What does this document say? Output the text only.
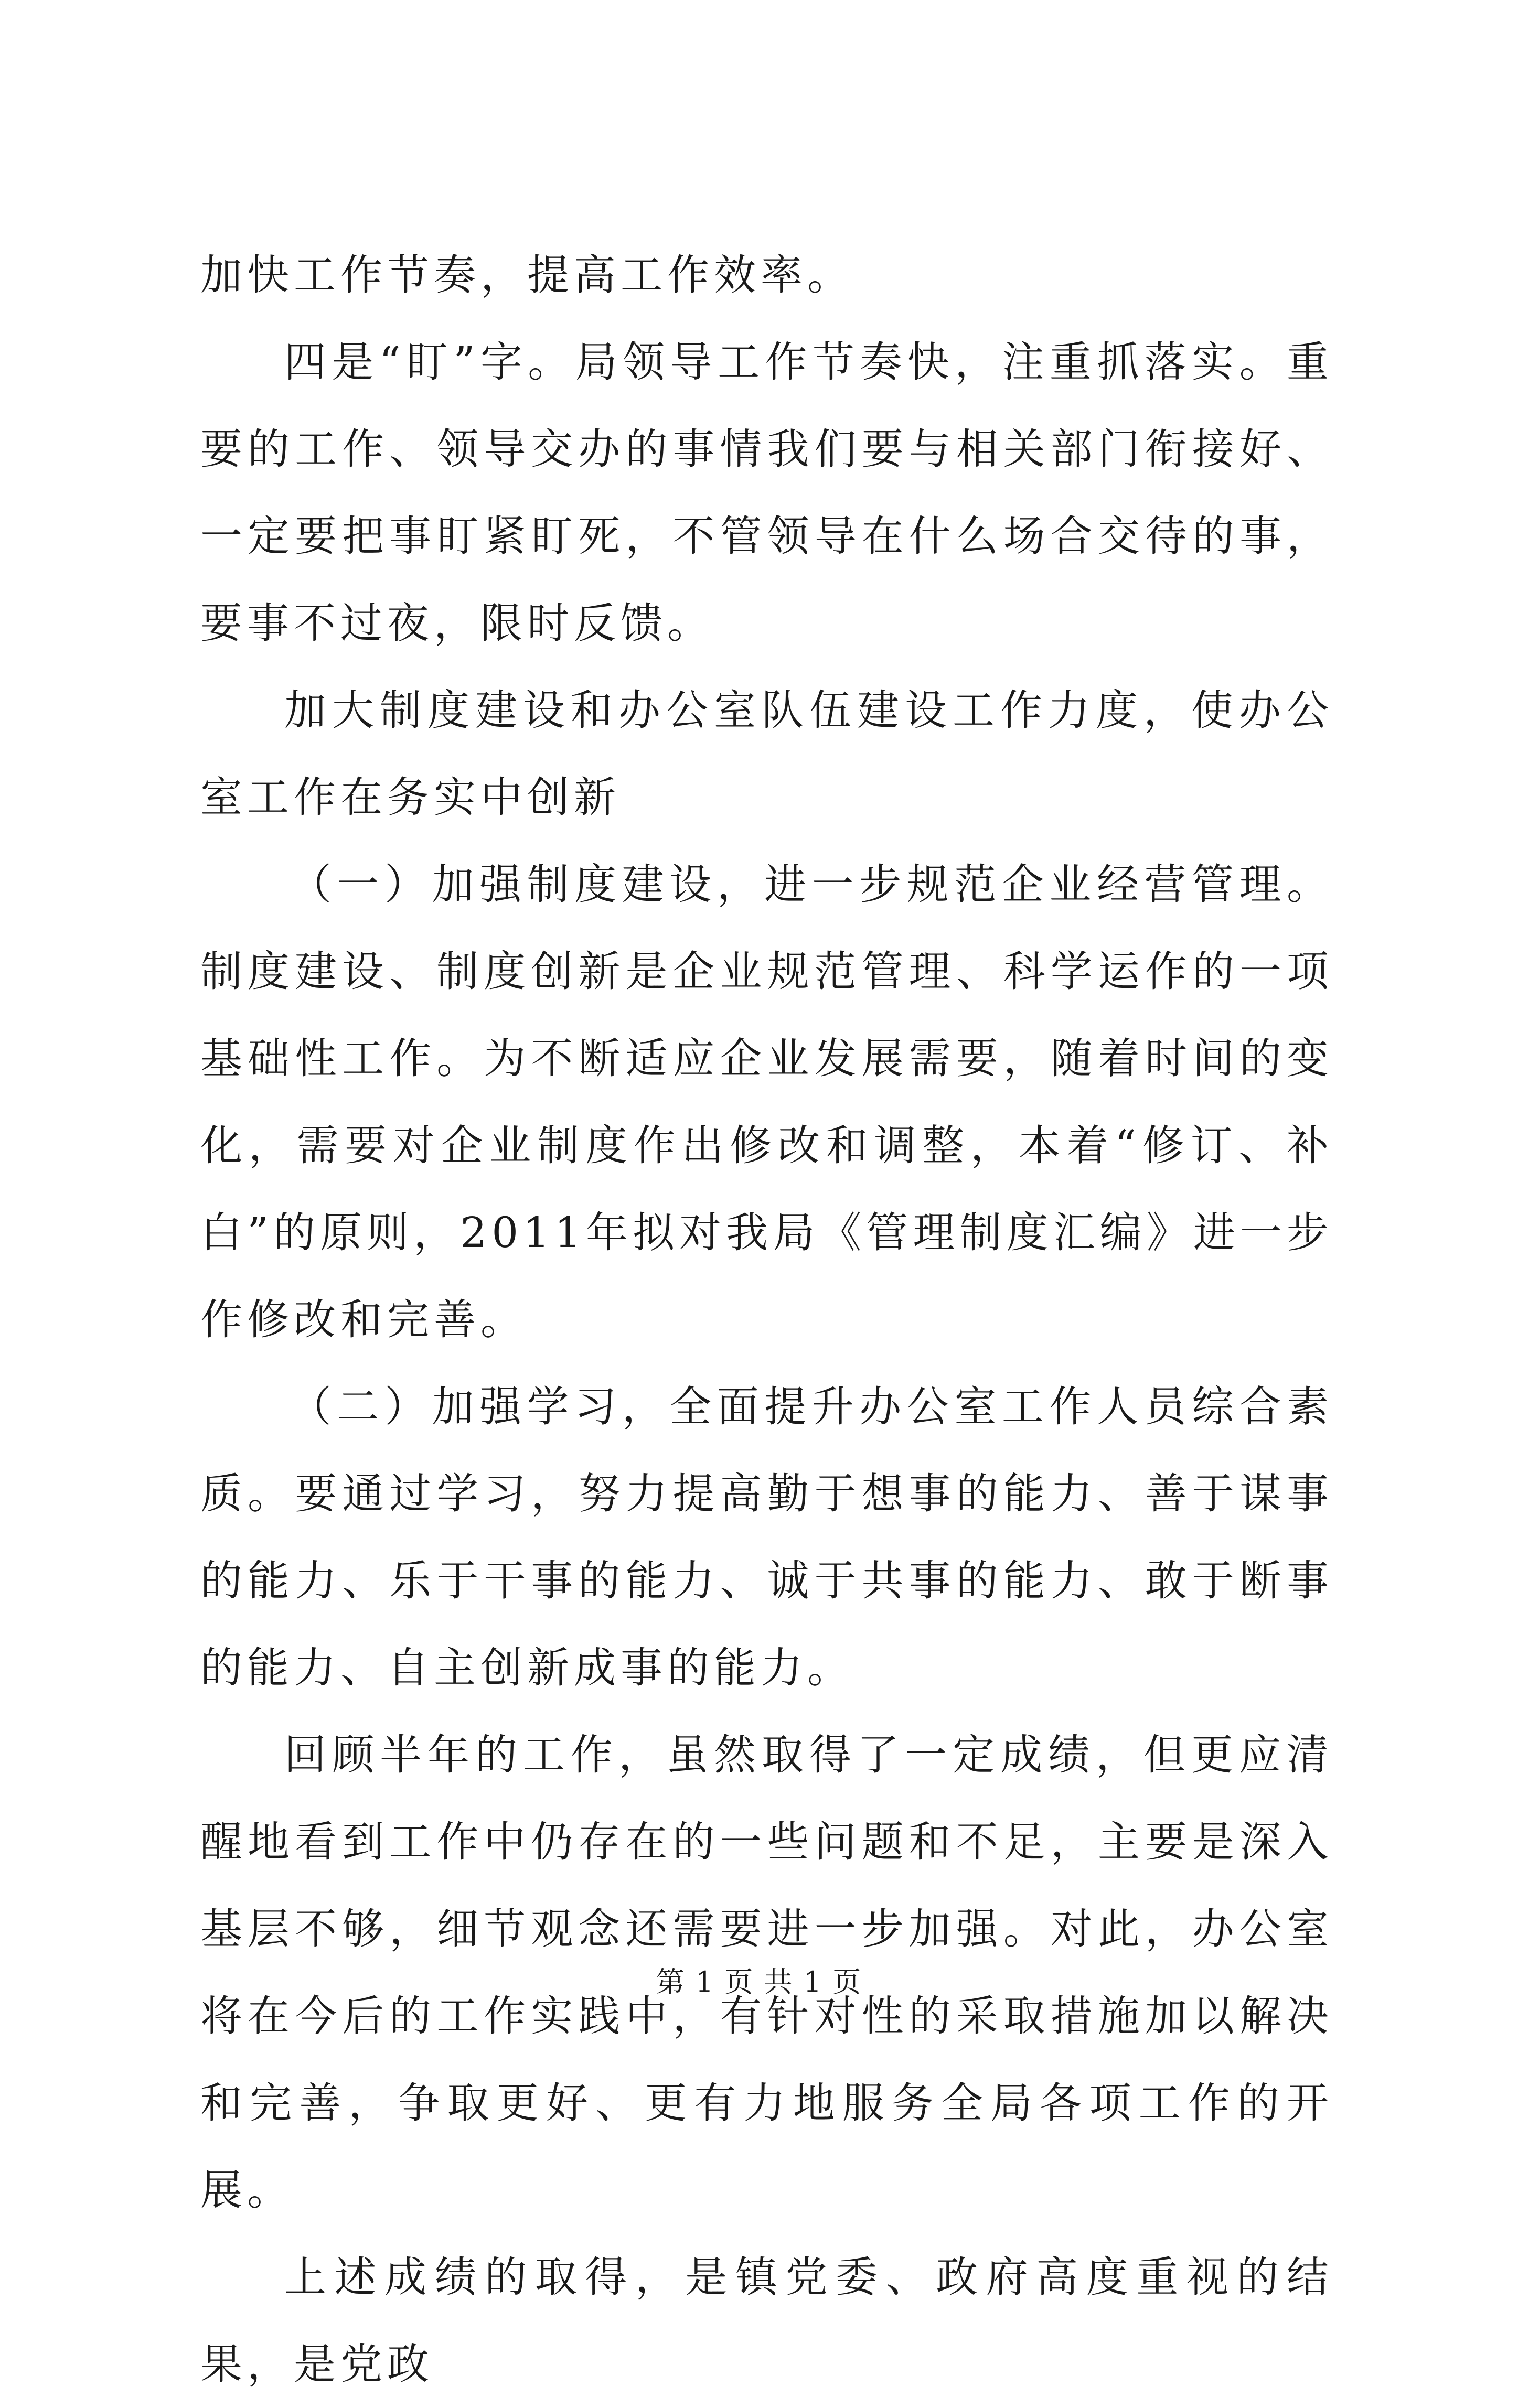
加快工作节奏，提高工作效率。

四是“盯”字。局领导工作节奏快，注重抓落实。重要的工作、领导交办的事情我们要与相关部门衔接好、一定要把事盯紧盯死，不管领导在什么场合交待的事，要事不过夜，限时反馈。

加大制度建设和办公室队伍建设工作力度，使办公室工作在务实中创新

（一）加强制度建设，进一步规范企业经营管理。制度建设、制度创新是企业规范管理、科学运作的一项基础性工作。为不断适应企业发展需要，随着时间的变化，需要对企业制度作出修改和调整，本着“修订、补白”的原则，2011年拟对我局《管理制度汇编》进一步作修改和完善。

（二）加强学习，全面提升办公室工作人员综合素质。要通过学习，努力提高勤于想事的能力、善于谋事的能力、乐于干事的能力、诚于共事的能力、敢于断事的能力、自主创新成事的能力。

回顾半年的工作，虽然取得了一定成绩，但更应清醒地看到工作中仍存在的一些问题和不足，主要是深入基层不够，细节观念还需要进一步加强。对此，办公室将在今后的工作实践中，有针对性的采取措施加以解决和完善，争取更好、更有力地服务全局各项工作的开展。

上述成绩的取得，是镇党委、政府高度重视的结果，是党政

第 1 页 共 1 页
